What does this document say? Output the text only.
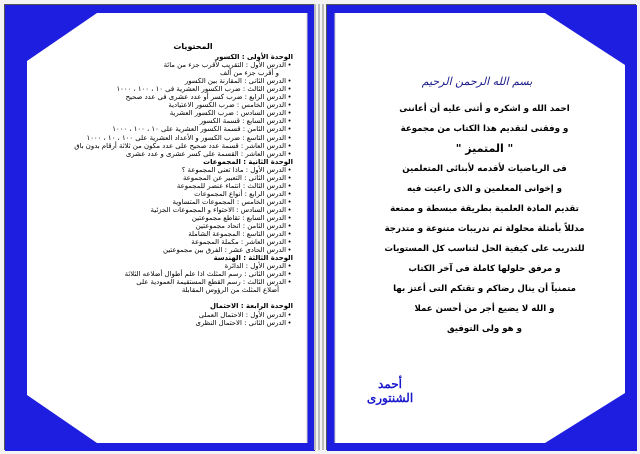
المحتويات
الوحدة الأولى : الكسور
•الدرس الأول : التقريب لأقرب جزء من مائة
و أقرب جزء من ألف
•الدرس الثانى : المقارنة بين الكسور
•الدرس الثالث : ضرب الكسور العشرية فى ١٠ ، ١٠٠ ، ١٠٠٠
•الدرس الرابع : ضرب كسر أو عدد عشرى فى عدد صحيح
•الدرس الخامس : ضرب الكسور الاعتيادية
•الدرس السادس : ضرب الكسور العشرية
•الدرس السابع : قسمة الكسور
•الدرس الثامن : قسمة الكسور العشرية على ١٠ ، ١٠٠ ، ١٠٠٠
•الدرس التاسع : ضرب الكسور و الأعداد العشرية على ١٠٠ ، ١٠ ، ١٠٠٠
•الدرس العاشر : قسمة عدد صحيح على عدد مكون من ثلاثة أرقام بدون باق
•الدرس العاشر : القسمة على كسر عشرى و عدد عشرى
الوحدة الثانية : المجموعات
•الدرس الأول : ماذا تعنى المجموعة ؟
•الدرس الثانى : التعبير عن المجموعة
•الدرس الثالث : انتماء عنصر للمجموعة
•الدرس الرابع : أنواع المجموعات
•الدرس الخامس : المجموعات المتساوية
•الدرس السادس : الاحتواء و المجموعات الجزئية
•الدرس السابع : تقاطع مجموعتين
•الدرس الثامن : اتحاد مجموعتين
•الدرس التاسع : المجموعة الشاملة
•الدرس العاشر : مكملة المجموعة
•الدرس الحادى عشر : الفرق بين مجموعتين
الوحدة الثالثة : الهندسة
•الدرس الأول : الدائرة
•الدرس الثانى : رسم المثلث اذا علم أطوال أضلاعه الثلاثة
•الدرس الثالث : رسم القطع المستقيمة العمودية على
أضلاع المثلث من الرؤوس المقابلة
الوحدة الرابعة : الاحتمال
•الدرس الأول : الاحتمال العملى
•الدرس الثانى : الاحتمال النظرى
بسم الله الرحمن الرحيم
احمد الله و اشكره و أثنى عليه أن أعاننى
و وفقنى لتقديم هذا الكتاب من مجموعة
" المتميز "
فى الرياضيات لأقدمه لأبنائى المتعلمين
و إخوانى المعلمين و الذى راعيت فيه
تقديم المادة العلمية بطريقة مبسطة و ممتعة
مدللاً بأمثلة محلولة ثم تدريبات متنوعة و متدرجة
للتدريب على كيفية الحل لتناسب كل المستويات
و مرفق حلولها كاملة فى آخر الكتاب
متمنياً أن ينال رضاكم و تقتكم التى أعتز بها
و الله لا يضيع أجر من أحسن عملا
و هو ولى التوفيق
أحمد الشنتورى
